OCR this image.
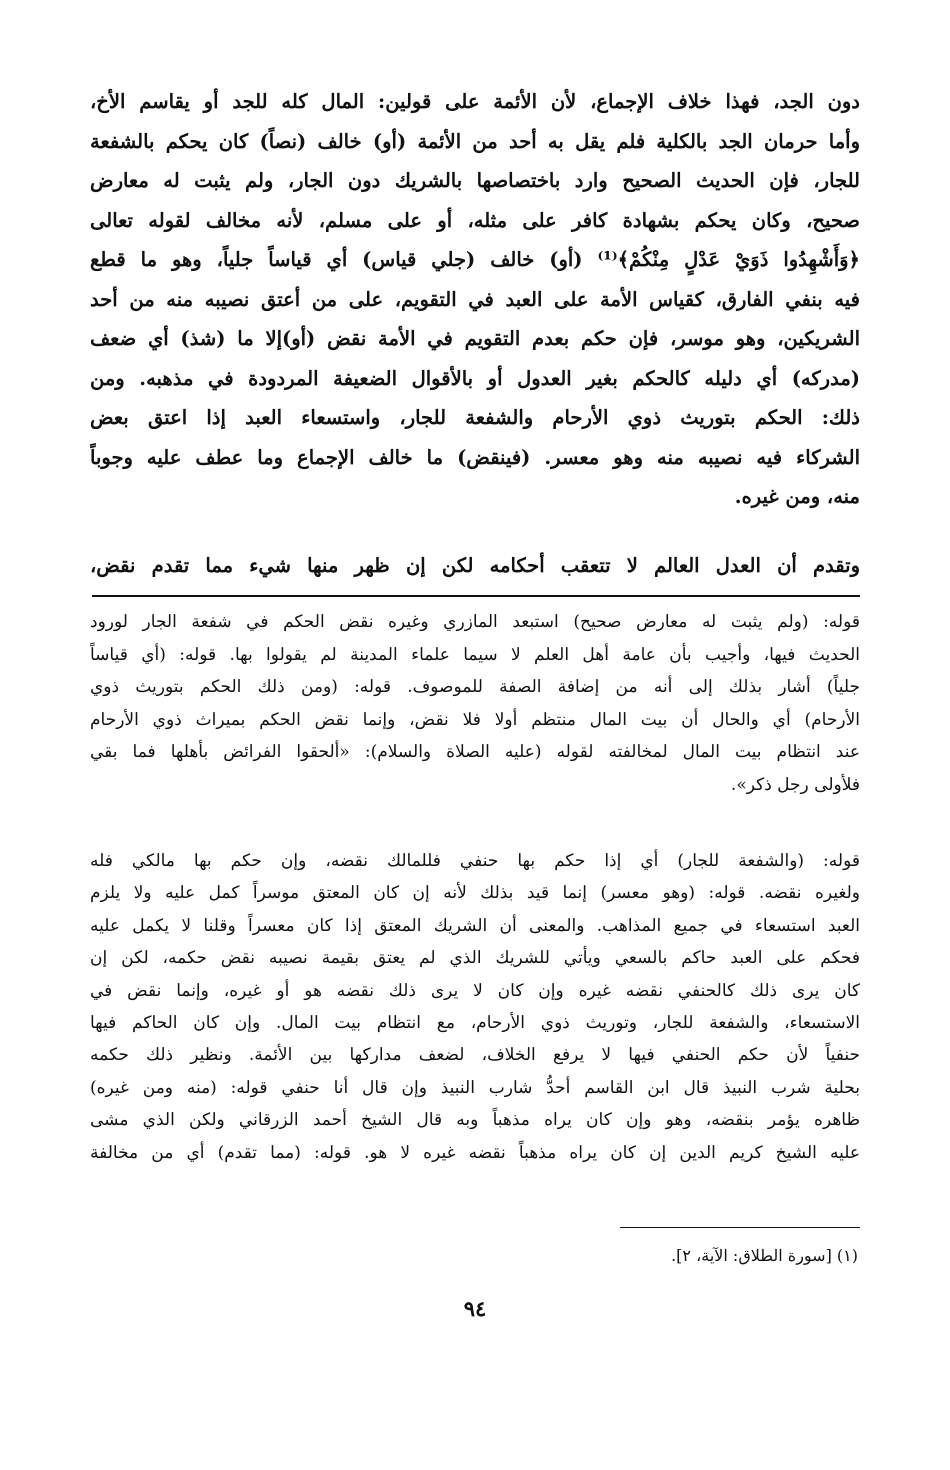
دون الجد، فهذا خلاف الإجماع، لأن الأئمة على قولين: المال كله للجد أو يقاسم الأخ،
وأما حرمان الجد بالكلية فلم يقل به أحد من الأئمة (أو) خالف (نصاً) كان يحكم بالشفعة
للجار، فإن الحديث الصحيح وارد باختصاصها بالشريك دون الجار، ولم يثبت له معارض
صحيح، وكان يحكم بشهادة كافر على مثله، أو على مسلم، لأنه مخالف لقوله تعالى
﴿وَأَشْهِدُوا ذَوَيْ عَدْلٍ مِنْكُمْ﴾⁽¹⁾ (أو) خالف (جلي قياس) أي قياساً جلياً، وهو ما قطع
فيه بنفي الفارق، كقياس الأمة على العبد في التقويم، على من أعتق نصيبه منه من أحد
الشريكين، وهو موسر، فإن حكم بعدم التقويم في الأمة نقض (أو)إلا ما (شذ) أي ضعف
(مدركه) أي دليله كالحكم بغير العدول أو بالأقوال الضعيفة المردودة في مذهبه. ومن
ذلك: الحكم بتوريث ذوي الأرحام والشفعة للجار، واستسعاء العبد إذا اعتق بعض
الشركاء فيه نصيبه منه وهو معسر. (فينقض) ما خالف الإجماع وما عطف عليه وجوباً
منه، ومن غيره.
وتقدم أن العدل العالم لا تتعقب أحكامه لكن إن ظهر منها شيء مما تقدم نقض،
قوله: (ولم يثبت له معارض صحيح) استبعد المازري وغيره نقض الحكم في شفعة الجار لورود
الحديث فيها، وأجيب بأن عامة أهل العلم لا سيما علماء المدينة لم يقولوا بها. قوله: (أي قياساً
جلياً) أشار بذلك إلى أنه من إضافة الصفة للموصوف. قوله: (ومن ذلك الحكم بتوريث ذوي
الأرحام) أي والحال أن بيت المال منتظم أولا فلا نقض، وإنما نقض الحكم بميراث ذوي الأرحام
عند انتظام بيت المال لمخالفته لقوله (عليه الصلاة والسلام): «ألحقوا الفرائض بأهلها فما بقي
فلأولى رجل ذكر».
قوله: (والشفعة للجار) أي إذا حكم بها حنفي فللمالك نقضه، وإن حكم بها مالكي فله
ولغيره نقضه. قوله: (وهو معسر) إنما قيد بذلك لأنه إن كان المعتق موسراً كمل عليه ولا يلزم
العبد استسعاء في جميع المذاهب. والمعنى أن الشريك المعتق إذا كان معسراً وقلنا لا يكمل عليه
فحكم على العبد حاكم بالسعي ويأتي للشريك الذي لم يعتق بقيمة نصيبه نقض حكمه، لكن إن
كان يرى ذلك كالحنفي نقضه غيره وإن كان لا يرى ذلك نقضه هو أو غيره، وإنما نقض في
الاستسعاء، والشفعة للجار، وتوريث ذوي الأرحام، مع انتظام بيت المال. وإن كان الحاكم فيها
حنفياً لأن حكم الحنفي فيها لا يرفع الخلاف، لضعف مداركها بين الأئمة. ونظير ذلك حكمه
بحلية شرب النبيذ قال ابن القاسم أحدُّ شارب النبيذ وإن قال أنا حنفي قوله: (منه ومن غيره)
ظاهره يؤمر بنقضه، وهو وإن كان يراه مذهباً وبه قال الشيخ أحمد الزرقاني ولكن الذي مشى
عليه الشيخ كريم الدين إن كان يراه مذهباً نقضه غيره لا هو. قوله: (مما تقدم) أي من مخالفة
(١) [سورة الطلاق: الآية، ٢].
٩٤
